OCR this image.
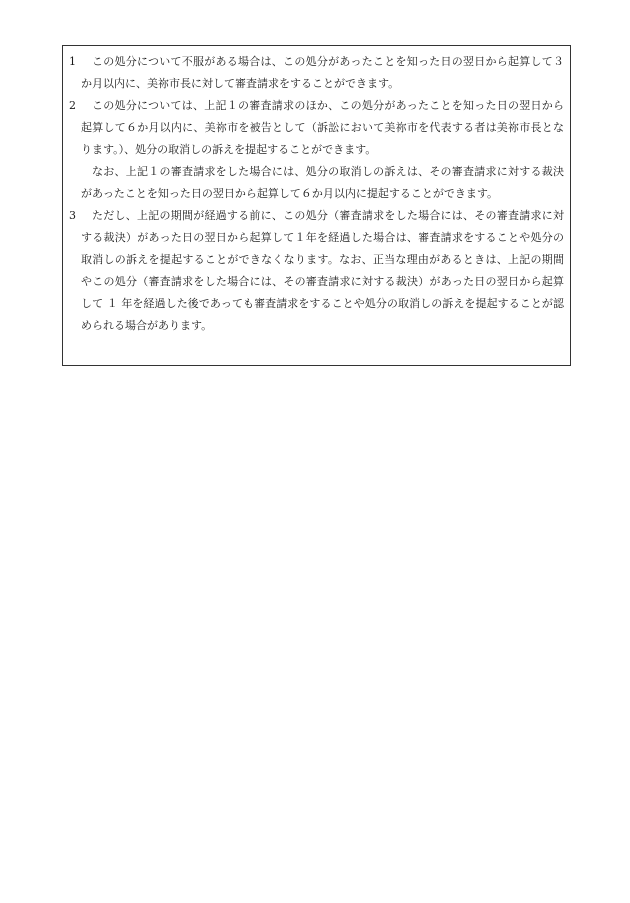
1	この処分について不服がある場合は、この処分があったことを知った日の翌日から起算して３か月以内に、美祢市長に対して審査請求をすることができます。

2	この処分については、上記１の審査請求のほか、この処分があったことを知った日の翌日から起算して６か月以内に、美祢市を被告として（訴訟において美祢市を代表する者は美祢市長となります。）、処分の取消しの訴えを提起することができます。

なお、上記１の審査請求をした場合には、処分の取消しの訴えは、その審査請求に対する裁決があったことを知った日の翌日から起算して６か月以内に提起することができます。

3	ただし、上記の期間が経過する前に、この処分（審査請求をした場合には、その審査請求に対する裁決）があった日の翌日から起算して１年を経過した場合は、審査請求をすることや処分の取消しの訴えを提起することができなくなります。なお、正当な理由があるときは、上記の期間やこの処分（審査請求をした場合には、その審査請求に対する裁決）があった日の翌日から起算して １ 年を経過した後であっても審査請求をすることや処分の取消しの訴えを提起することが認められる場合があります。
